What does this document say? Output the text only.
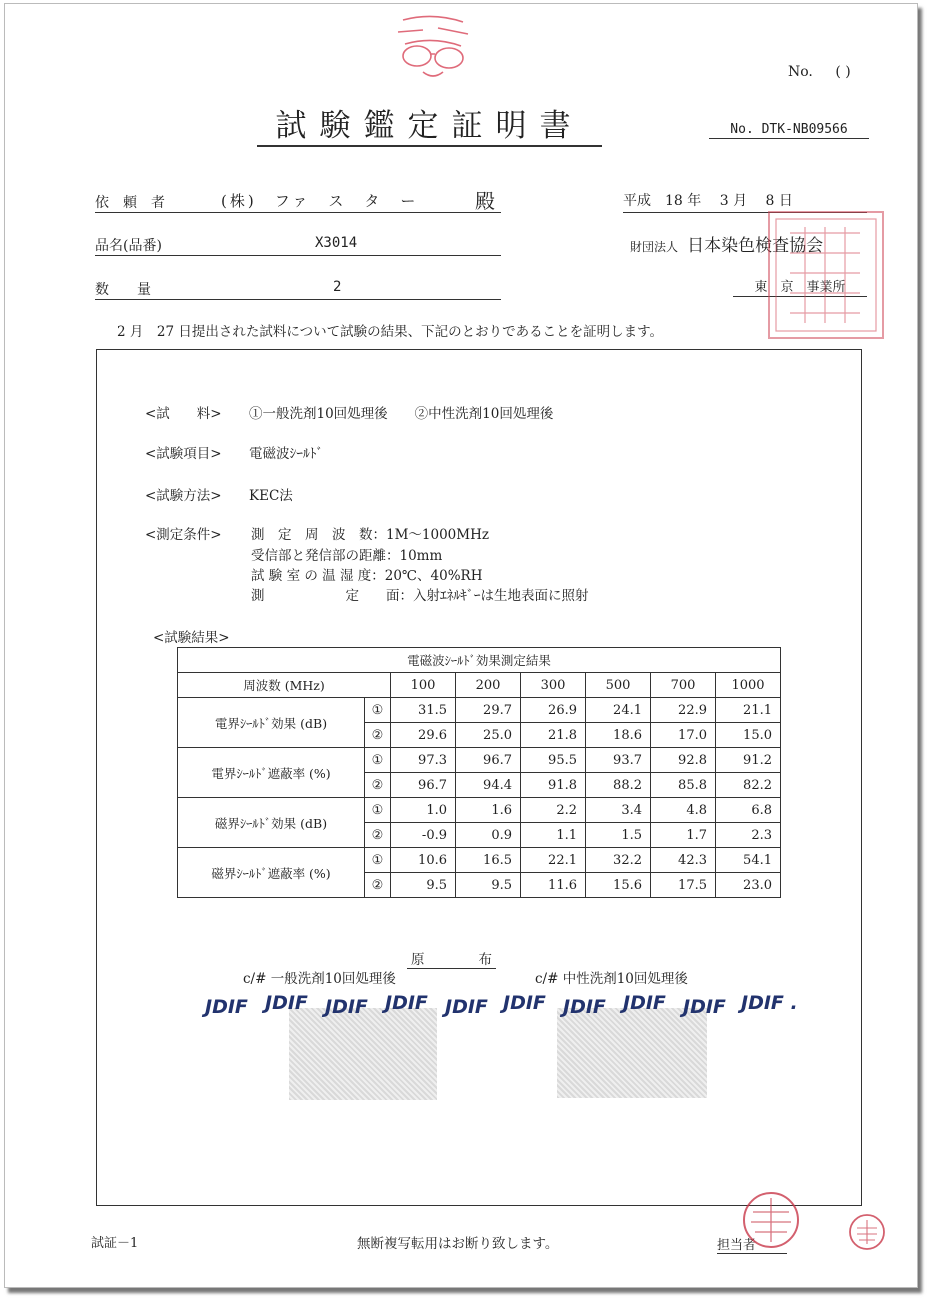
No. ( )
試験鑑定証明書	No. DTK-NB09566
依　頼　者	(株)　ファ　ス　タ　ー	殿	平成　18 年　 3 月　 8 日
品名(品番)	X3014	財団法人 日本染色検査協会
数　　量	2	東　京　事業所
2 月　27 日提出された試料について試験の結果、下記のとおりであることを証明します。
<試　　料> ①一般洗剤10回処理後　　②中性洗剤10回処理後
<試験項目> 電磁波ｼｰﾙﾄﾞ
<試験方法> KEC法
<測定条件> 測　定　周　波　数：1M〜1000MHz
受信部と発信部の距離：10mm
試 験 室 の 温 湿 度：20℃、40%RH
測　　　　　　定　　面：入射ｴﾈﾙｷﾞｰは生地表面に照射
<試験結果>
電磁波ｼｰﾙﾄﾞ効果測定結果							
周波数 (MHz)		100	200	300	500	700	1000
電界ｼｰﾙﾄﾞ効果 (dB)	①	31.5	29.7	26.9	24.1	22.9	21.1
	②	29.6	25.0	21.8	18.6	17.0	15.0
電界ｼｰﾙﾄﾞ遮蔽率 (%)	①	97.3	96.7	95.5	93.7	92.8	91.2
	②	96.7	94.4	91.8	88.2	85.8	82.2
磁界ｼｰﾙﾄﾞ効果 (dB)	①	1.0	1.6	2.2	3.4	4.8	6.8
	②	-0.9	0.9	1.1	1.5	1.7	2.3
磁界ｼｰﾙﾄﾞ遮蔽率 (%)	①	10.6	16.5	22.1	32.2	42.3	54.1
	②	9.5	9.5	11.6	15.6	17.5	23.0
原　　　　布
c/# 一般洗剤10回処理後	c/# 中性洗剤10回処理後
JDIF JDIF JDIF JDIF JDIF JDIF JDIF JDIF JDIF JDIF .
試証－1	無断複写転用はお断り致します。	担当者
